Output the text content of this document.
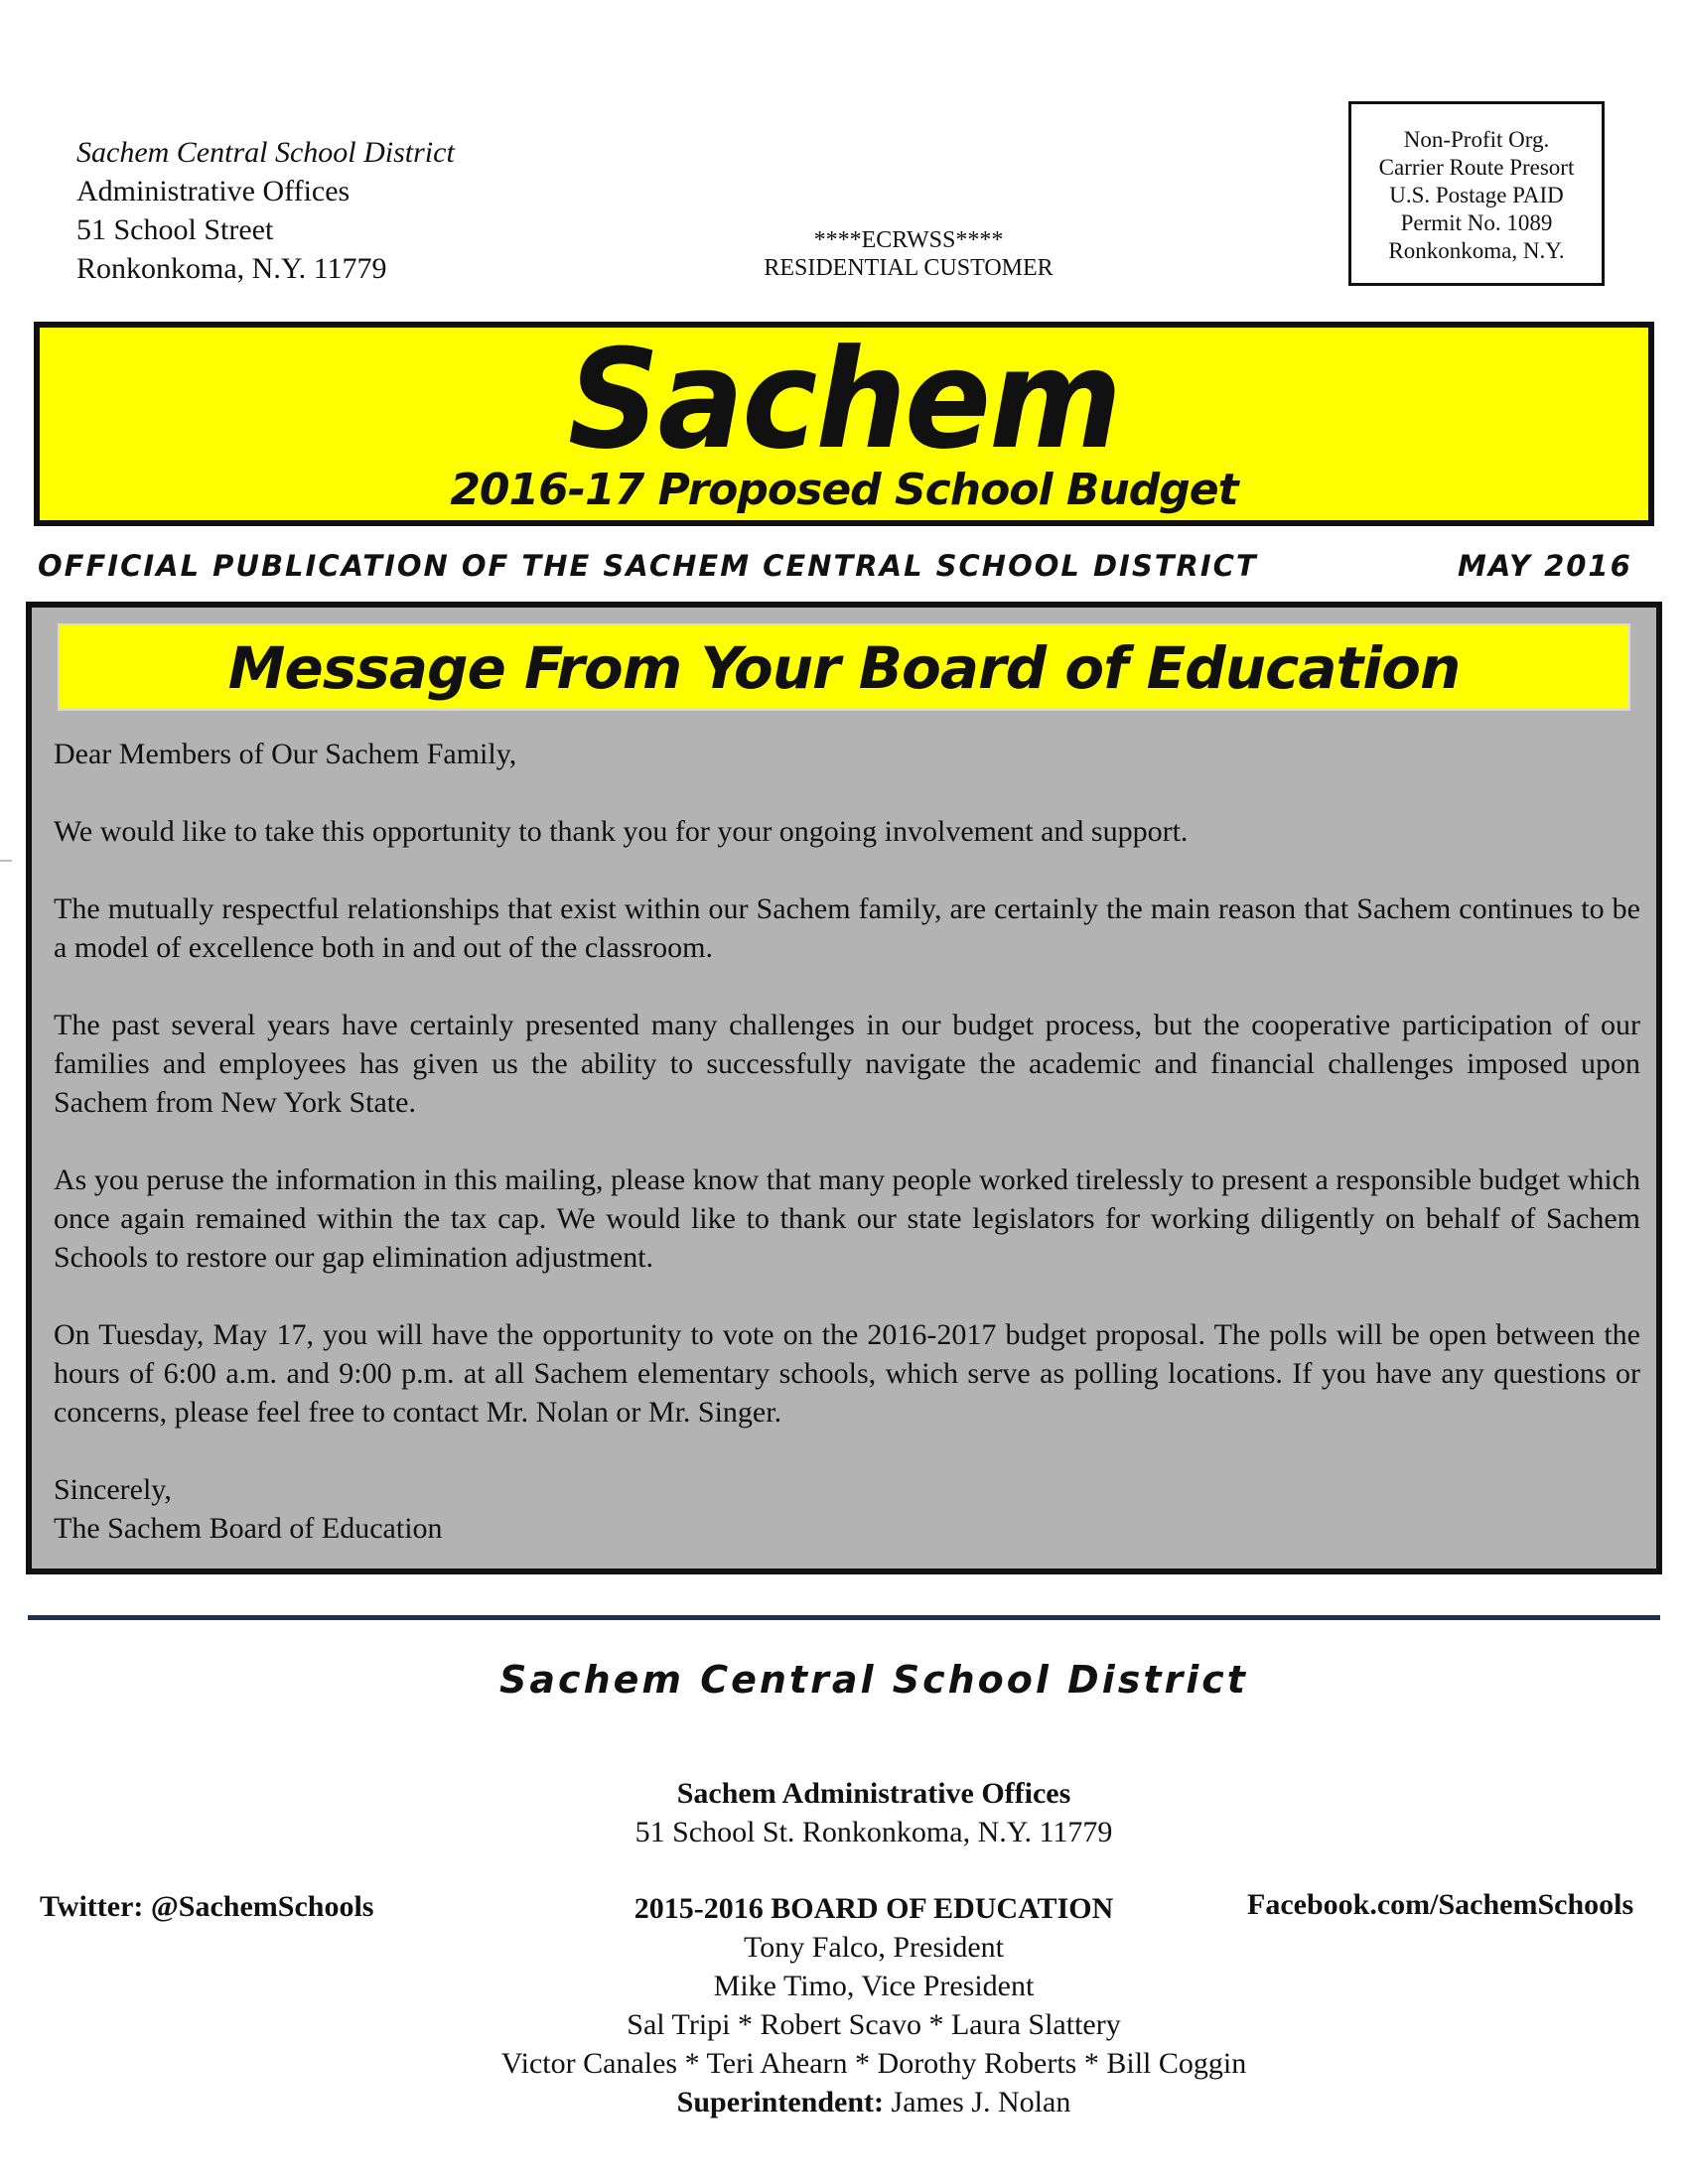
Sachem Central School District
Administrative Offices
51 School Street
Ronkonkoma, N.Y. 11779
****ECRWSS****
RESIDENTIAL CUSTOMER
Non-Profit Org.
Carrier Route Presort
U.S. Postage PAID
Permit No. 1089
Ronkonkoma, N.Y.
Sachem
2016-17 Proposed School Budget
OFFICIAL PUBLICATION OF THE SACHEM CENTRAL SCHOOL DISTRICT	MAY 2016
Message From Your Board of Education

Dear Members of Our Sachem Family,

We would like to take this opportunity to thank you for your ongoing involvement and support.

The mutually respectful relationships that exist within our Sachem family, are certainly the main reason that Sachem continues to be a model of excellence both in and out of the classroom.

The past several years have certainly presented many challenges in our budget process, but the cooperative participation of our families and employees has given us the ability to successfully navigate the academic and financial challenges imposed upon Sachem from New York State.

As you peruse the information in this mailing, please know that many people worked tirelessly to present a responsible budget which once again remained within the tax cap. We would like to thank our state legislators for working diligently on behalf of Sachem Schools to restore our gap elimination adjustment.

On Tuesday, May 17, you will have the opportunity to vote on the 2016-2017 budget proposal. The polls will be open between the hours of 6:00 a.m. and 9:00 p.m. at all Sachem elementary schools, which serve as polling locations. If you have any questions or concerns, please feel free to contact Mr. Nolan or Mr. Singer.

Sincerely,

The Sachem Board of Education

Sachem Central School District
Sachem Administrative Offices
51 School St. Ronkonkoma, N.Y. 11779
Twitter: @SachemSchools	Facebook.com/SachemSchools
2015-2016 BOARD OF EDUCATION
Tony Falco, President
Mike Timo, Vice President
Sal Tripi * Robert Scavo * Laura Slattery
Victor Canales * Teri Ahearn * Dorothy Roberts * Bill Coggin
Superintendent: James J. Nolan
